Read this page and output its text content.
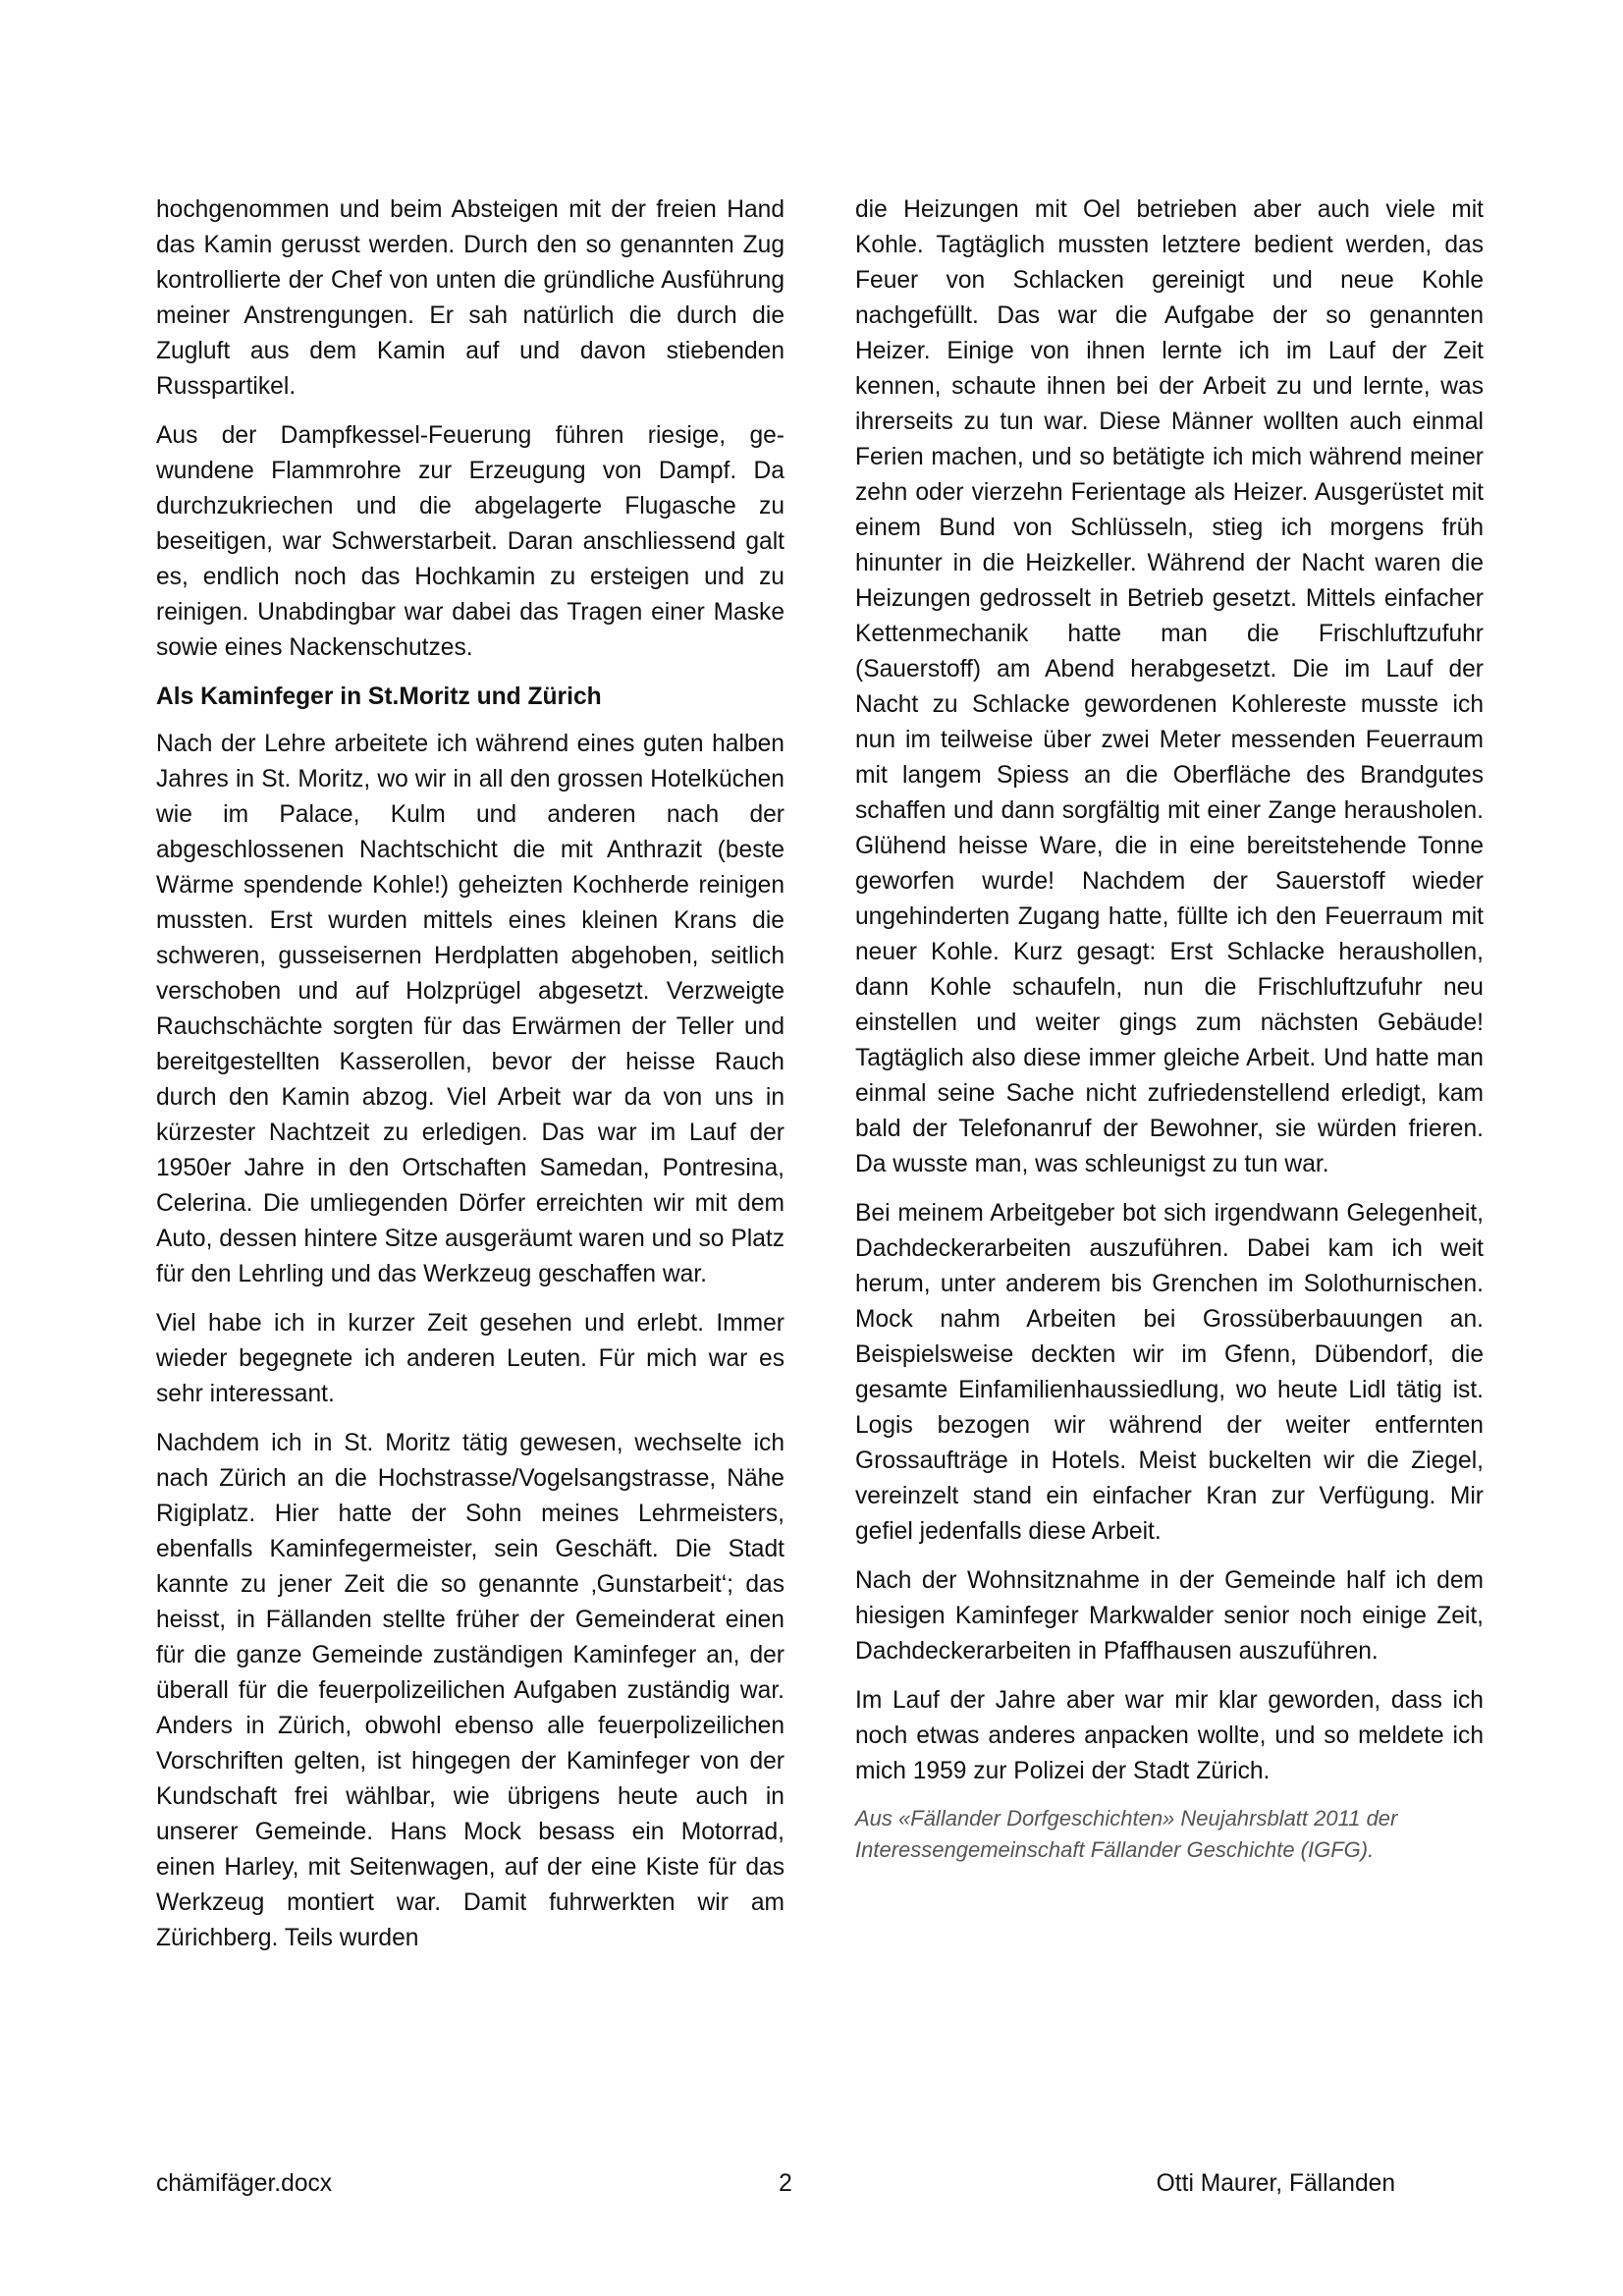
hochgenommen und beim Absteigen mit der freien Hand das Kamin gerusst werden. Durch den so genannten Zug kontrollierte der Chef von unten die gründliche Ausführung meiner Anstrengungen. Er sah natürlich die durch die Zugluft aus dem Kamin auf und davon stiebenden Russpartikel.

Aus der Dampfkessel-Feuerung führen riesige, gewundene Flammrohre zur Erzeugung von Dampf. Da durchzukriechen und die abgelagerte Flugasche zu beseitigen, war Schwerstarbeit. Daran anschliessend galt es, endlich noch das Hochkamin zu ersteigen und zu reinigen. Unabdingbar war dabei das Tragen einer Maske sowie eines Nackenschutzes.

Als Kaminfeger in St.Moritz und Zürich

Nach der Lehre arbeitete ich während eines guten halben Jahres in St. Moritz, wo wir in all den grossen Hotelküchen wie im Palace, Kulm und anderen nach der abgeschlossenen Nachtschicht die mit Anthrazit (beste Wärme spendende Kohle!) geheizten Kochherde reinigen mussten. Erst wurden mittels eines kleinen Krans die schweren, gusseisernen Herdplatten abgehoben, seitlich verschoben und auf Holzprügel abgesetzt. Verzweigte Rauchschächte sorgten für das Erwärmen der Teller und bereitgestellten Kasserollen, bevor der heisse Rauch durch den Kamin abzog. Viel Arbeit war da von uns in kürzester Nachtzeit zu erledigen. Das war im Lauf der 1950er Jahre in den Ortschaften Samedan, Pontresina, Celerina. Die umliegenden Dörfer erreichten wir mit dem Auto, dessen hintere Sitze ausgeräumt waren und so Platz für den Lehrling und das Werkzeug geschaffen war.

Viel habe ich in kurzer Zeit gesehen und erlebt. Immer wieder begegnete ich anderen Leuten. Für mich war es sehr interessant.

Nachdem ich in St. Moritz tätig gewesen, wechselte ich nach Zürich an die Hochstrasse/Vogelsangstrasse, Nähe Rigiplatz. Hier hatte der Sohn meines Lehrmeisters, ebenfalls Kaminfegermeister, sein Geschäft. Die Stadt kannte zu jener Zeit die so genannte ‚Gunstarbeit‘; das heisst, in Fällanden stellte früher der Gemeinderat einen für die ganze Gemeinde zuständigen Kaminfeger an, der überall für die feuerpolizeilichen Aufgaben zuständig war. Anders in Zürich, obwohl ebenso alle feuerpolizeilichen Vorschriften gelten, ist hingegen der Kaminfeger von der Kundschaft frei wählbar, wie übrigens heute auch in unserer Gemeinde. Hans Mock besass ein Motorrad, einen Harley, mit Seitenwagen, auf der eine Kiste für das Werkzeug montiert war. Damit fuhrwerkten wir am Zürichberg. Teils wurden

die Heizungen mit Oel betrieben aber auch viele mit Kohle. Tagtäglich mussten letztere bedient werden, das Feuer von Schlacken gereinigt und neue Kohle nachgefüllt. Das war die Aufgabe der so genannten Heizer. Einige von ihnen lernte ich im Lauf der Zeit kennen, schaute ihnen bei der Arbeit zu und lernte, was ihrerseits zu tun war. Diese Männer wollten auch einmal Ferien machen, und so betätigte ich mich während meiner zehn oder vierzehn Ferientage als Heizer. Ausgerüstet mit einem Bund von Schlüsseln, stieg ich morgens früh hinunter in die Heizkeller. Während der Nacht waren die Heizungen gedrosselt in Betrieb gesetzt. Mittels einfacher Kettenmechanik hatte man die Frischluftzufuhr (Sauerstoff) am Abend herabgesetzt. Die im Lauf der Nacht zu Schlacke gewordenen Kohlereste musste ich nun im teilweise über zwei Meter messenden Feuerraum mit langem Spiess an die Oberfläche des Brandgutes schaffen und dann sorgfältig mit einer Zange herausholen. Glühend heisse Ware, die in eine bereitstehende Tonne geworfen wurde! Nachdem der Sauerstoff wieder ungehinderten Zugang hatte, füllte ich den Feuerraum mit neuer Kohle. Kurz gesagt: Erst Schlacke heraushollen, dann Kohle schaufeln, nun die Frischluftzufuhr neu einstellen und weiter gings zum nächsten Gebäude! Tagtäglich also diese immer gleiche Arbeit. Und hatte man einmal seine Sache nicht zufriedenstellend erledigt, kam bald der Telefonanruf der Bewohner, sie würden frieren. Da wusste man, was schleunigst zu tun war.

Bei meinem Arbeitgeber bot sich irgendwann Gelegenheit, Dachdeckerarbeiten auszuführen. Dabei kam ich weit herum, unter anderem bis Grenchen im Solothurnischen. Mock nahm Arbeiten bei Grossüberbauungen an. Beispielsweise deckten wir im Gfenn, Dübendorf, die gesamte Einfamilienhaussiedlung, wo heute Lidl tätig ist. Logis bezogen wir während der weiter entfernten Grossaufträge in Hotels. Meist buckelten wir die Ziegel, vereinzelt stand ein einfacher Kran zur Verfügung. Mir gefiel jedenfalls diese Arbeit.

Nach der Wohnsitznahme in der Gemeinde half ich dem hiesigen Kaminfeger Markwalder senior noch einige Zeit, Dachdeckerarbeiten in Pfaffhausen auszuführen.

Im Lauf der Jahre aber war mir klar geworden, dass ich noch etwas anderes anpacken wollte, und so meldete ich mich 1959 zur Polizei der Stadt Zürich.

Aus «Fällander Dorfgeschichten» Neujahrsblatt 2011 der Interessengemeinschaft Fällander Geschichte (IGFG).

chämifäger.docx	2	Otti Maurer, Fällanden
